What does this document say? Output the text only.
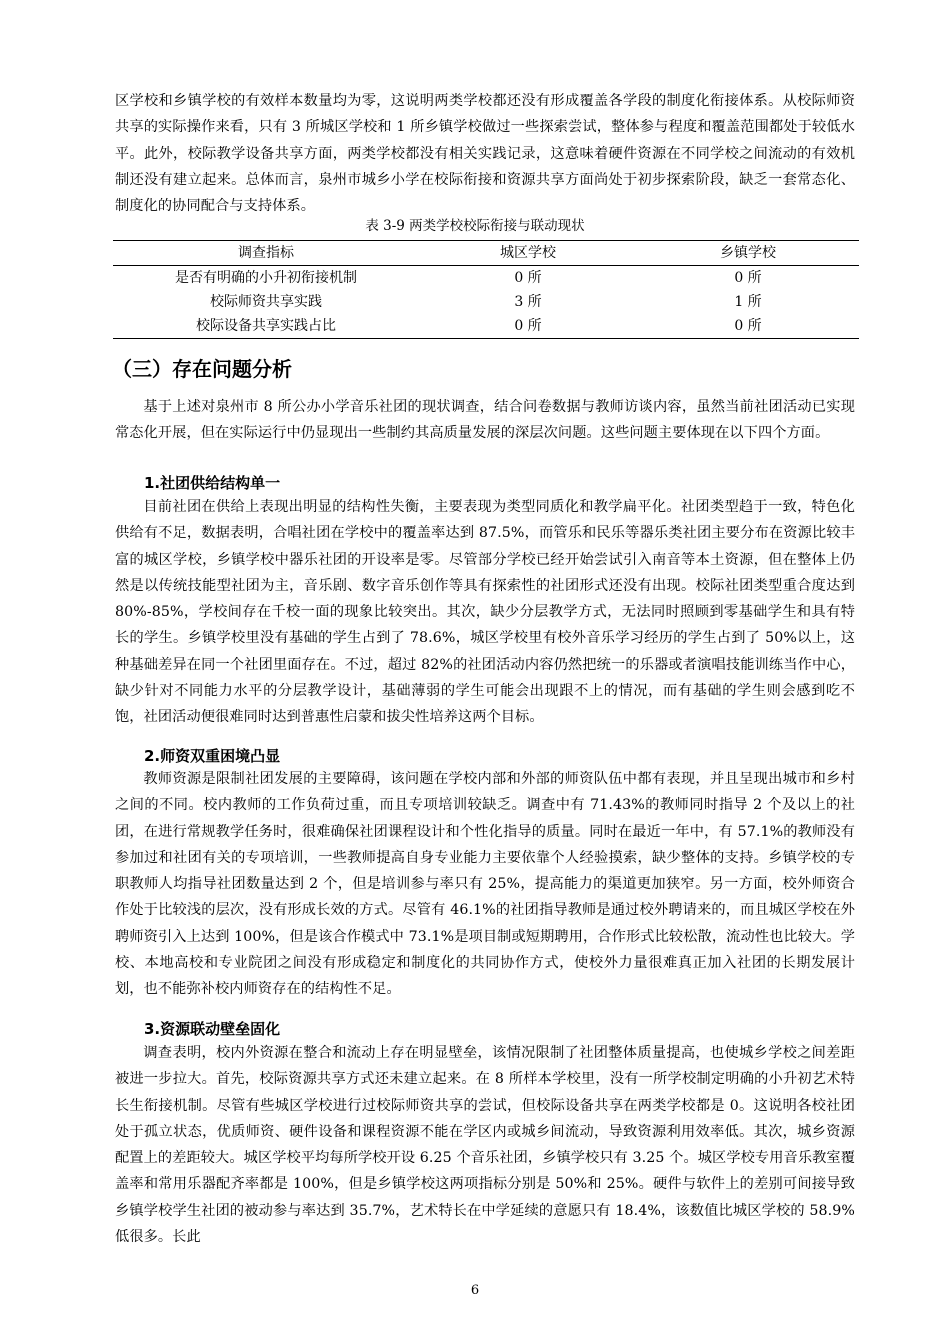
区学校和乡镇学校的有效样本数量均为零，这说明两类学校都还没有形成覆盖各学段的制度化衔接体系。从校际师资共享的实际操作来看，只有 3 所城区学校和 1 所乡镇学校做过一些探索尝试，整体参与程度和覆盖范围都处于较低水平。此外，校际教学设备共享方面，两类学校都没有相关实践记录，这意味着硬件资源在不同学校之间流动的有效机制还没有建立起来。总体而言，泉州市城乡小学在校际衔接和资源共享方面尚处于初步探索阶段，缺乏一套常态化、制度化的协同配合与支持体系。

表 3-9 两类学校校际衔接与联动现状
调查指标	城区学校	乡镇学校
是否有明确的小升初衔接机制	0 所	0 所
校际师资共享实践	3 所	1 所
校际设备共享实践占比	0 所	0 所
（三）存在问题分析

基于上述对泉州市 8 所公办小学音乐社团的现状调查，结合问卷数据与教师访谈内容，虽然当前社团活动已实现常态化开展，但在实际运行中仍显现出一些制约其高质量发展的深层次问题。这些问题主要体现在以下四个方面。

1.社团供给结构单一

目前社团在供给上表现出明显的结构性失衡，主要表现为类型同质化和教学扁平化。社团类型趋于一致，特色化供给有不足，数据表明，合唱社团在学校中的覆盖率达到 87.5%，而管乐和民乐等器乐类社团主要分布在资源比较丰富的城区学校，乡镇学校中器乐社团的开设率是零。尽管部分学校已经开始尝试引入南音等本土资源，但在整体上仍然是以传统技能型社团为主，音乐剧、数字音乐创作等具有探索性的社团形式还没有出现。校际社团类型重合度达到 80%-85%，学校间存在千校一面的现象比较突出。其次，缺少分层教学方式，无法同时照顾到零基础学生和具有特长的学生。乡镇学校里没有基础的学生占到了 78.6%，城区学校里有校外音乐学习经历的学生占到了 50%以上，这种基础差异在同一个社团里面存在。不过，超过 82%的社团活动内容仍然把统一的乐器或者演唱技能训练当作中心，缺少针对不同能力水平的分层教学设计，基础薄弱的学生可能会出现跟不上的情况，而有基础的学生则会感到吃不饱，社团活动便很难同时达到普惠性启蒙和拔尖性培养这两个目标。

2.师资双重困境凸显

教师资源是限制社团发展的主要障碍，该问题在学校内部和外部的师资队伍中都有表现，并且呈现出城市和乡村之间的不同。校内教师的工作负荷过重，而且专项培训较缺乏。调查中有 71.43%的教师同时指导 2 个及以上的社团，在进行常规教学任务时，很难确保社团课程设计和个性化指导的质量。同时在最近一年中，有 57.1%的教师没有参加过和社团有关的专项培训，一些教师提高自身专业能力主要依靠个人经验摸索，缺少整体的支持。乡镇学校的专职教师人均指导社团数量达到 2 个，但是培训参与率只有 25%，提高能力的渠道更加狭窄。另一方面，校外师资合作处于比较浅的层次，没有形成长效的方式。尽管有 46.1%的社团指导教师是通过校外聘请来的，而且城区学校在外聘师资引入上达到 100%，但是该合作模式中 73.1%是项目制或短期聘用，合作形式比较松散，流动性也比较大。学校、本地高校和专业院团之间没有形成稳定和制度化的共同协作方式，使校外力量很难真正加入社团的长期发展计划，也不能弥补校内师资存在的结构性不足。

3.资源联动壁垒固化

调查表明，校内外资源在整合和流动上存在明显壁垒，该情况限制了社团整体质量提高，也使城乡学校之间差距被进一步拉大。首先，校际资源共享方式还未建立起来。在 8 所样本学校里，没有一所学校制定明确的小升初艺术特长生衔接机制。尽管有些城区学校进行过校际师资共享的尝试，但校际设备共享在两类学校都是 0。这说明各校社团处于孤立状态，优质师资、硬件设备和课程资源不能在学区内或城乡间流动，导致资源利用效率低。其次，城乡资源配置上的差距较大。城区学校平均每所学校开设 6.25 个音乐社团，乡镇学校只有 3.25 个。城区学校专用音乐教室覆盖率和常用乐器配齐率都是 100%，但是乡镇学校这两项指标分别是 50%和 25%。硬件与软件上的差别可间接导致乡镇学校学生社团的被动参与率达到 35.7%，艺术特长在中学延续的意愿只有 18.4%，该数值比城区学校的 58.9%低很多。长此

6
